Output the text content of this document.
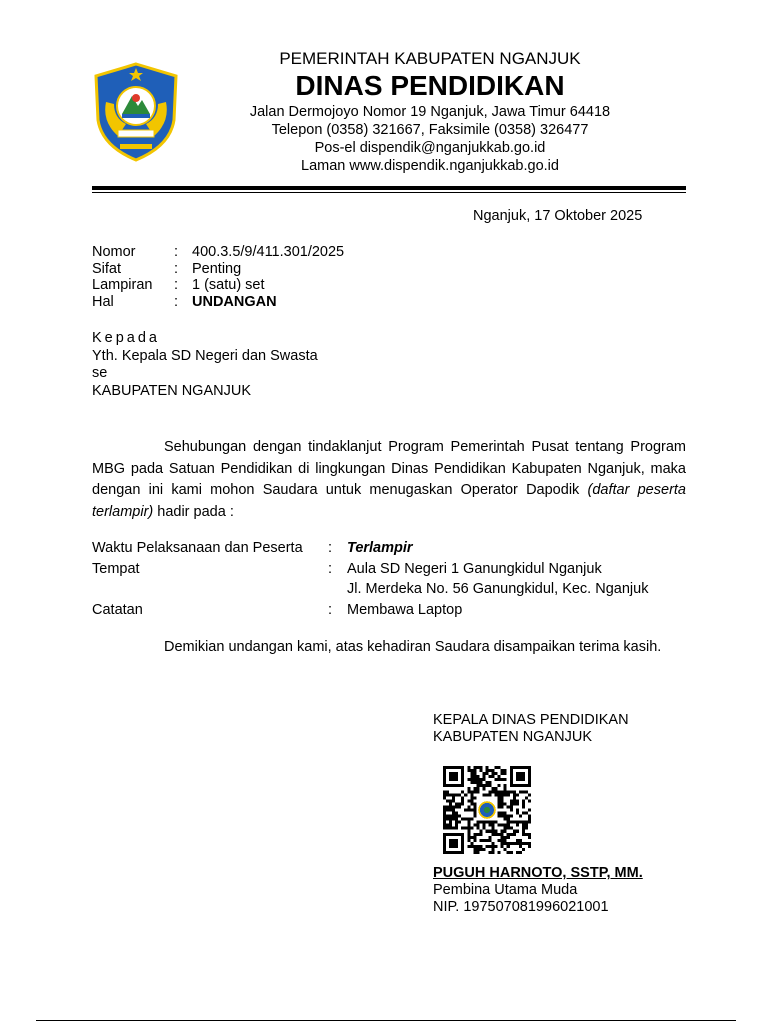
PEMERINTAH KABUPATEN NGANJUK
DINAS PENDIDIKAN
Jalan Dermojoyo Nomor 19 Nganjuk, Jawa Timur 64418
Telepon (0358) 321667, Faksimile (0358) 326477
Pos-el dispendik@nganjukkab.go.id
Laman www.dispendik.nganjukkab.go.id
Nganjuk, 17 Oktober 2025
Nomor	:	400.3.5/9/411.301/2025
Sifat	:	Penting
Lampiran	:	1 (satu) set
Hal	:	UNDANGAN
Kepada
Yth. Kepala SD Negeri dan Swasta
se
KABUPATEN NGANJUK
Sehubungan dengan tindaklanjut Program Pemerintah Pusat tentang Program MBG pada Satuan Pendidikan di lingkungan Dinas Pendidikan Kabupaten Nganjuk, maka dengan ini kami mohon Saudara untuk menugaskan Operator Dapodik (daftar peserta terlampir) hadir pada :
Waktu Pelaksanaan dan Peserta	:	Terlampir
Tempat	:	Aula SD Negeri 1 Ganungkidul Nganjuk
Jl. Merdeka No. 56 Ganungkidul, Kec. Nganjuk

Catatan	:	Membawa Laptop
Demikian undangan kami, atas kehadiran Saudara disampaikan terima kasih.
KEPALA DINAS PENDIDIKAN
KABUPATEN NGANJUK
PUGUH HARNOTO, SSTP, MM.
Pembina Utama Muda
NIP. 197507081996021001
